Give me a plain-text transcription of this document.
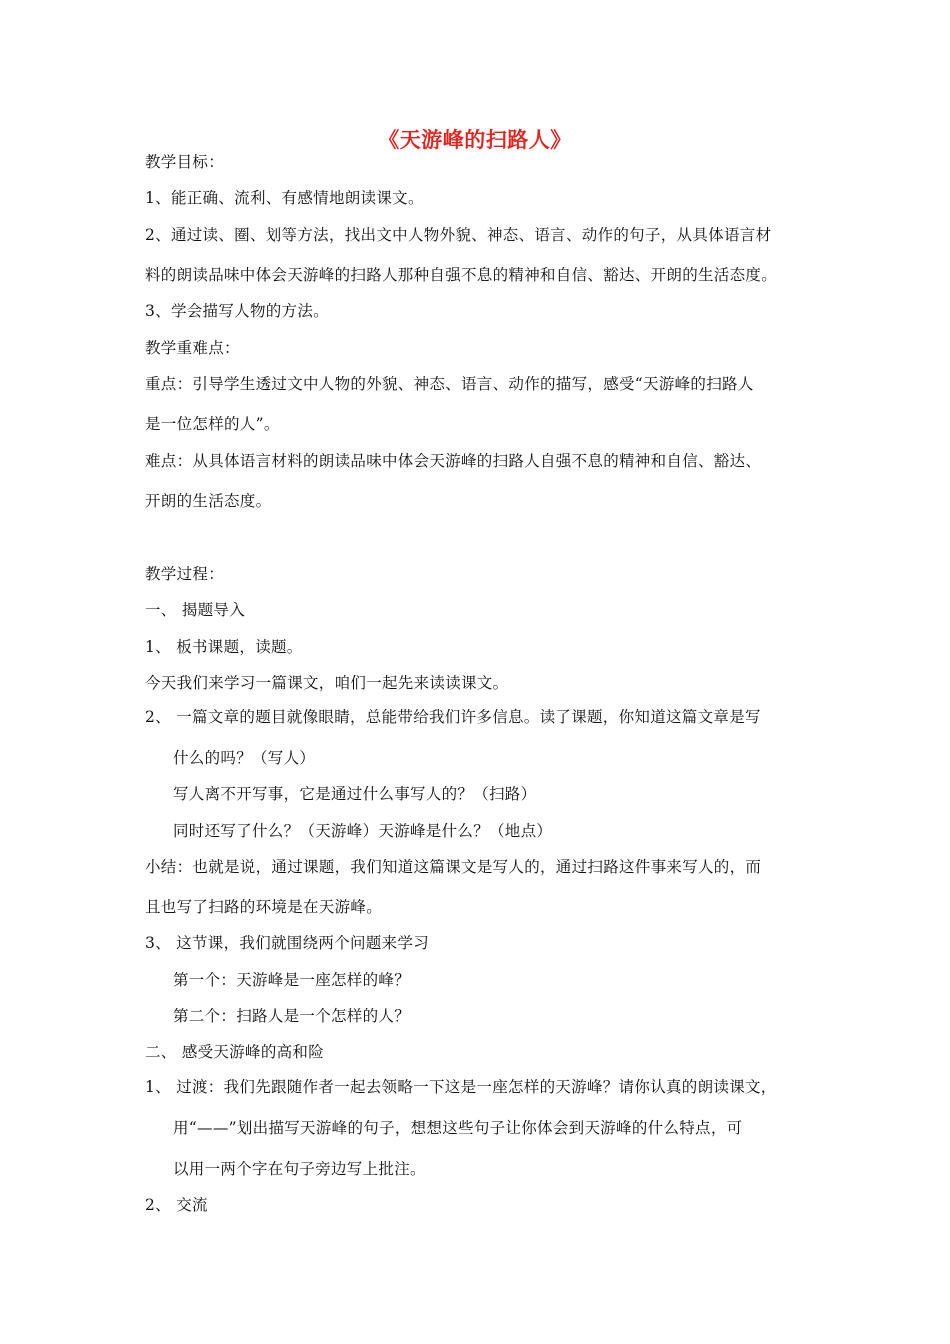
《天游峰的扫路人》
教学目标：
1、能正确、流利、有感情地朗读课文。
2、通过读、圈、划等方法，找出文中人物外貌、神态、语言、动作的句子，从具体语言材
料的朗读品味中体会天游峰的扫路人那种自强不息的精神和自信、豁达、开朗的生活态度。
3、学会描写人物的方法。
教学重难点：
重点：引导学生透过文中人物的外貌、神态、语言、动作的描写，感受“天游峰的扫路人
是一位怎样的人”。
难点：从具体语言材料的朗读品味中体会天游峰的扫路人自强不息的精神和自信、豁达、
开朗的生活态度。
教学过程：
一、 揭题导入
1、 板书课题，读题。
今天我们来学习一篇课文，咱们一起先来读读课文。
2、 一篇文章的题目就像眼睛，总能带给我们许多信息。读了课题，你知道这篇文章是写
什么的吗？（写人）
写人离不开写事，它是通过什么事写人的？（扫路）
同时还写了什么？（天游峰）天游峰是什么？（地点）
小结：也就是说，通过课题，我们知道这篇课文是写人的，通过扫路这件事来写人的，而
且也写了扫路的环境是在天游峰。
3、 这节课，我们就围绕两个问题来学习
第一个：天游峰是一座怎样的峰？
第二个：扫路人是一个怎样的人？
二、 感受天游峰的高和险
1、 过渡：我们先跟随作者一起去领略一下这是一座怎样的天游峰？请你认真的朗读课文，
用“——”划出描写天游峰的句子，想想这些句子让你体会到天游峰的什么特点，可
以用一两个字在句子旁边写上批注。
2、 交流
